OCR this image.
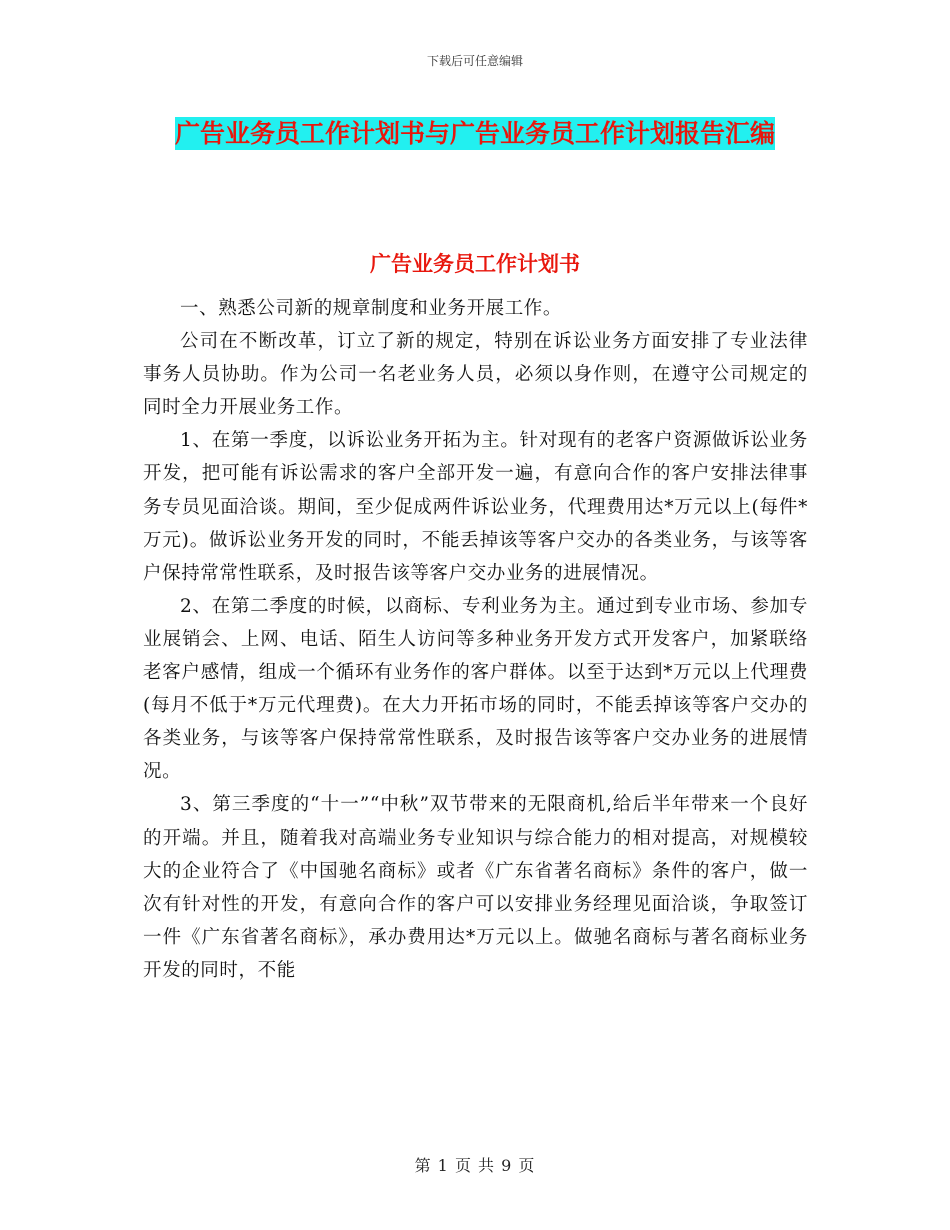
下载后可任意编辑
广告业务员工作计划书与广告业务员工作计划报告汇编
广告业务员工作计划书

一、熟悉公司新的规章制度和业务开展工作。

公司在不断改革，订立了新的规定，特别在诉讼业务方面安排了专业法律事务人员协助。作为公司一名老业务人员，必须以身作则，在遵守公司规定的同时全力开展业务工作。

1、在第一季度，以诉讼业务开拓为主。针对现有的老客户资源做诉讼业务开发，把可能有诉讼需求的客户全部开发一遍，有意向合作的客户安排法律事务专员见面洽谈。期间，至少促成两件诉讼业务，代理费用达*万元以上(每件*万元)。做诉讼业务开发的同时，不能丢掉该等客户交办的各类业务，与该等客户保持常常性联系，及时报告该等客户交办业务的进展情况。

2、在第二季度的时候，以商标、专利业务为主。通过到专业市场、参加专业展销会、上网、电话、陌生人访问等多种业务开发方式开发客户，加紧联络老客户感情，组成一个循环有业务作的客户群体。以至于达到*万元以上代理费(每月不低于*万元代理费)。在大力开拓市场的同时，不能丢掉该等客户交办的各类业务，与该等客户保持常常性联系，及时报告该等客户交办业务的进展情况。

3、第三季度的“十一”“中秋”双节带来的无限商机,给后半年带来一个良好的开端。并且，随着我对高端业务专业知识与综合能力的相对提高，对规模较大的企业符合了《中国驰名商标》或者《广东省著名商标》条件的客户，做一次有针对性的开发，有意向合作的客户可以安排业务经理见面洽谈，争取签订一件《广东省著名商标》，承办费用达*万元以上。做驰名商标与著名商标业务开发的同时，不能

第 1 页 共 9 页
